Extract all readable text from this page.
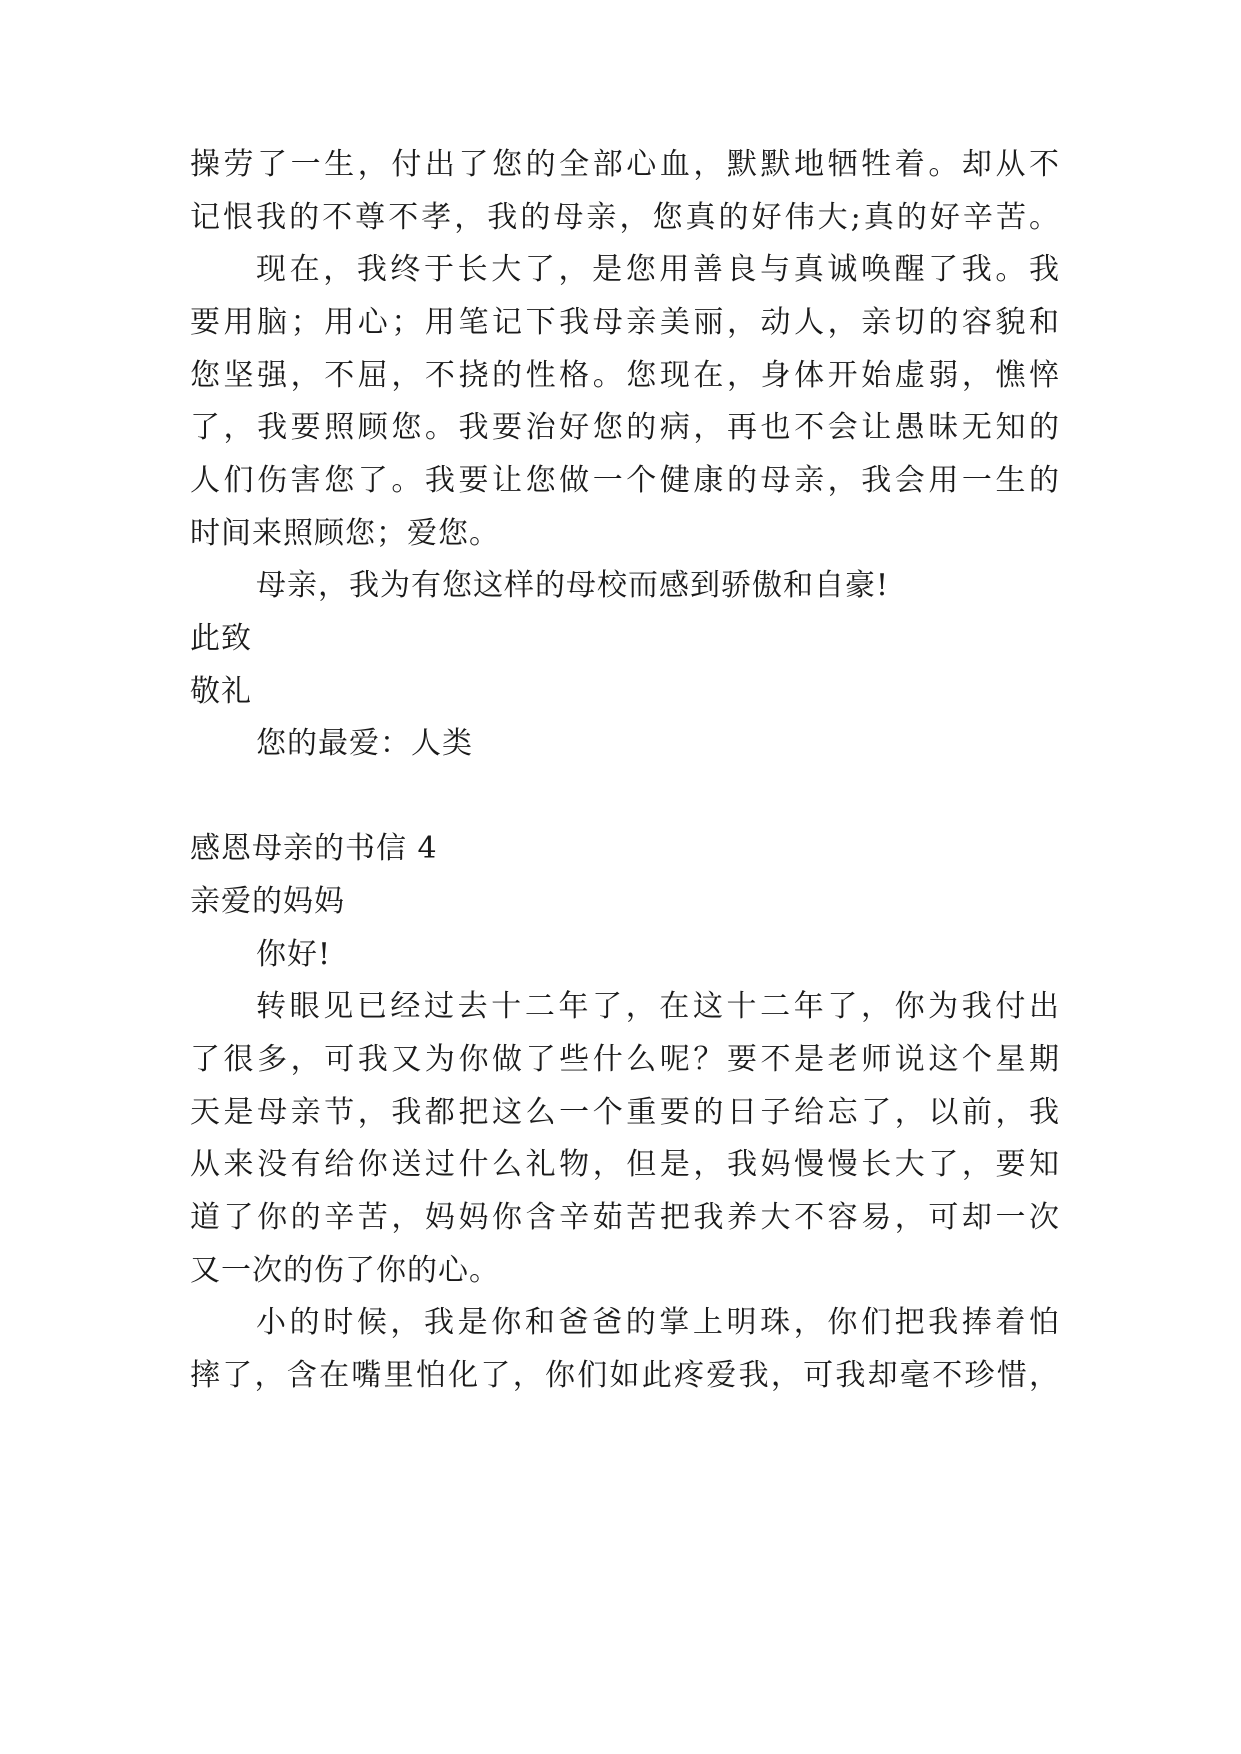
操劳了一生，付出了您的全部心血，默默地牺牲着。却从不
记恨我的不尊不孝，我的母亲，您真的好伟大;真的好辛苦。
现在，我终于长大了，是您用善良与真诚唤醒了我。我
要用脑；用心；用笔记下我母亲美丽，动人，亲切的容貌和
您坚强，不屈，不挠的性格。您现在，身体开始虚弱，憔悴
了，我要照顾您。我要治好您的病，再也不会让愚昧无知的
人们伤害您了。我要让您做一个健康的母亲，我会用一生的
时间来照顾您；爱您。
母亲，我为有您这样的母校而感到骄傲和自豪!
此致
敬礼
您的最爱：人类
感恩母亲的书信 4
亲爱的妈妈
你好!
转眼见已经过去十二年了，在这十二年了，你为我付出
了很多，可我又为你做了些什么呢？要不是老师说这个星期
天是母亲节，我都把这么一个重要的日子给忘了，以前，我
从来没有给你送过什么礼物，但是，我妈慢慢长大了，要知
道了你的辛苦，妈妈你含辛茹苦把我养大不容易，可却一次
又一次的伤了你的心。
小的时候，我是你和爸爸的掌上明珠，你们把我捧着怕
摔了，含在嘴里怕化了，你们如此疼爱我，可我却毫不珍惜，
